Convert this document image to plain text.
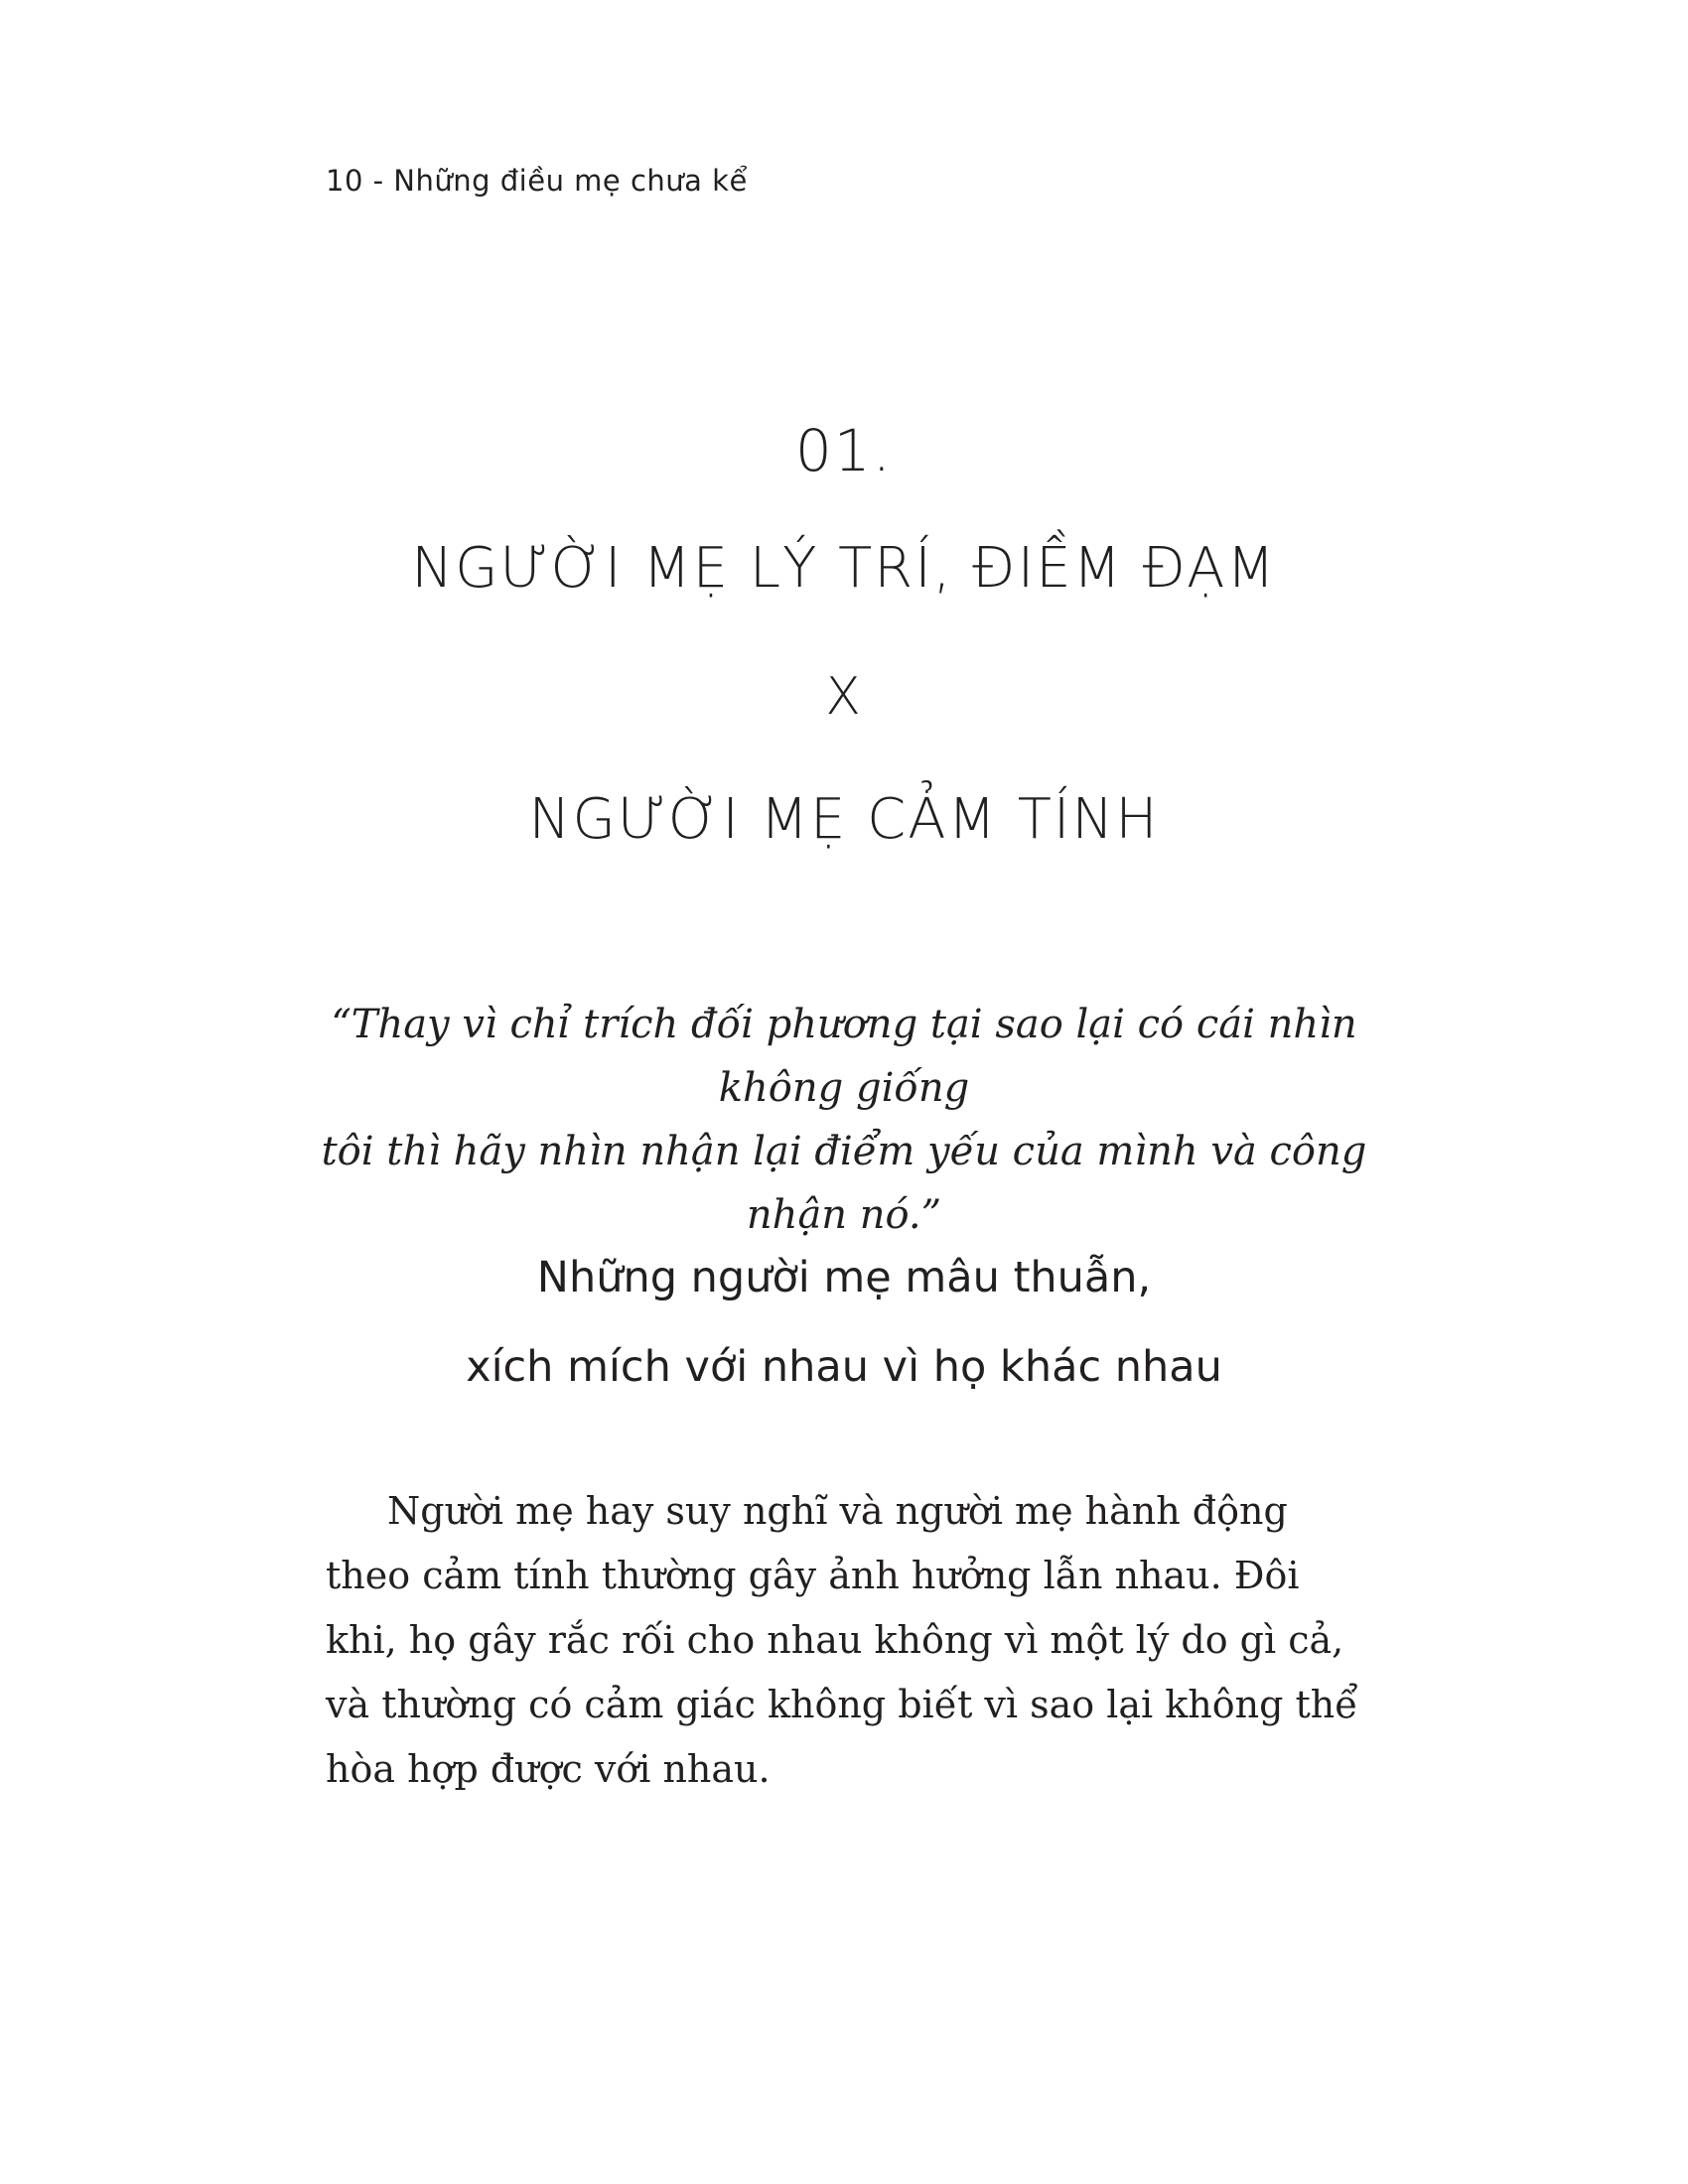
10 - Những điều mẹ chưa kể
01.
NGƯỜI MẸ LÝ TRÍ, ĐIỀM ĐẠM
X
NGƯỜI MẸ CẢM TÍNH
“Thay vì chỉ trích đối phương tại sao lại có cái nhìn không giống
tôi thì hãy nhìn nhận lại điểm yếu của mình và công nhận nó.”
Những người mẹ mâu thuẫn,
xích mích với nhau vì họ khác nhau

Người mẹ hay suy nghĩ và người mẹ hành động theo cảm tính thường gây ảnh hưởng lẫn nhau. Đôi khi, họ gây rắc rối cho nhau không vì một lý do gì cả, và thường có cảm giác không biết vì sao lại không thể hòa hợp được với nhau.
